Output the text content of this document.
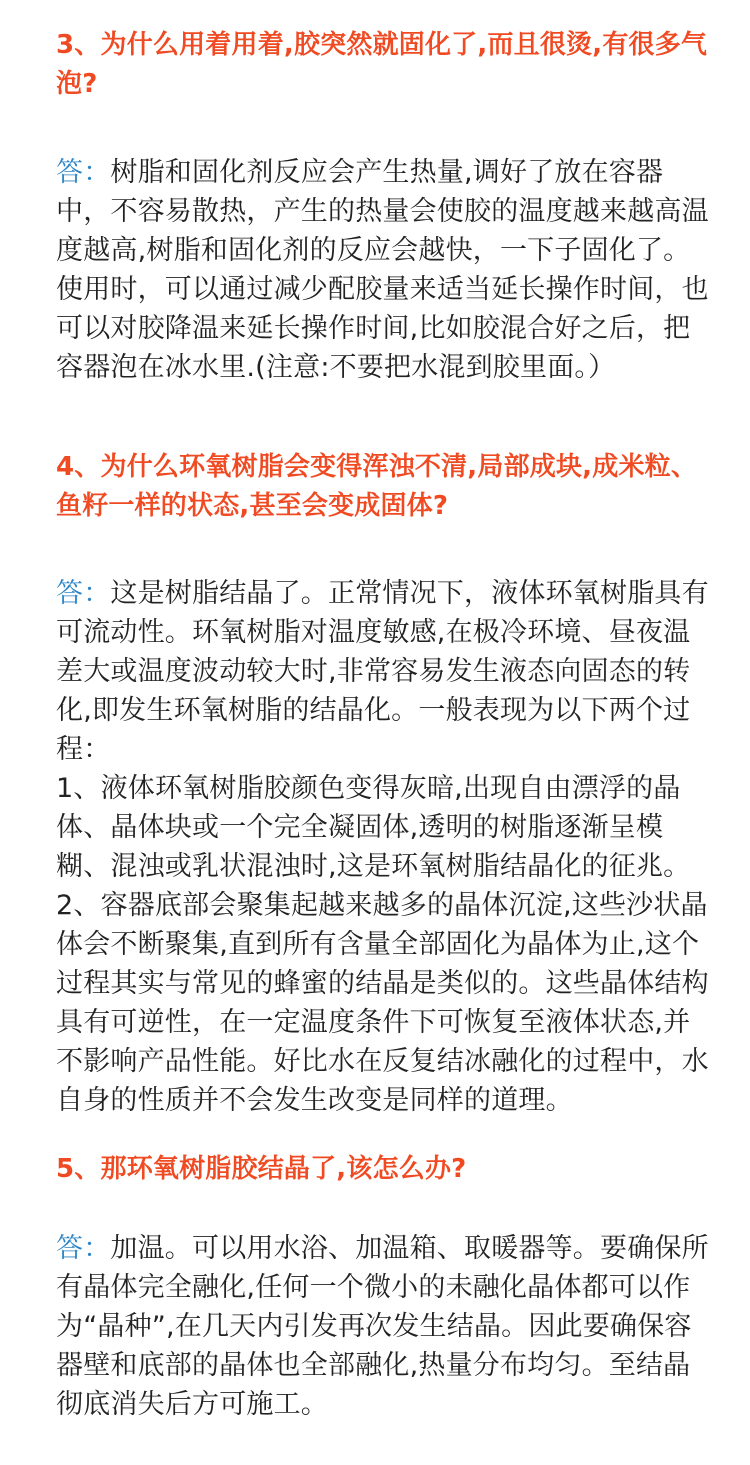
3、为什么用着用着,胶突然就固化了,而且很烫,有很多气泡?

答：树脂和固化剂反应会产生热量,调好了放在容器中，不容易散热，产生的热量会使胶的温度越来越高温度越高,树脂和固化剂的反应会越快，一下子固化了。使用时，可以通过减少配胶量来适当延长操作时间，也可以对胶降温来延长操作时间,比如胶混合好之后，把容器泡在冰水里.(注意:不要把水混到胶里面。）

4、为什么环氧树脂会变得浑浊不清,局部成块,成米粒、鱼籽一样的状态,甚至会变成固体?

答：这是树脂结晶了。正常情况下，液体环氧树脂具有可流动性。环氧树脂对温度敏感,在极冷环境、昼夜温差大或温度波动较大时,非常容易发生液态向固态的转化,即发生环氧树脂的结晶化。一般表现为以下两个过程：
1、液体环氧树脂胶颜色变得灰暗,出现自由漂浮的晶体、晶体块或一个完全凝固体,透明的树脂逐渐呈模糊、混浊或乳状混浊时,这是环氧树脂结晶化的征兆。
2、容器底部会聚集起越来越多的晶体沉淀,这些沙状晶体会不断聚集,直到所有含量全部固化为晶体为止,这个过程其实与常见的蜂蜜的结晶是类似的。这些晶体结构具有可逆性，在一定温度条件下可恢复至液体状态,并不影响产品性能。好比水在反复结冰融化的过程中，水自身的性质并不会发生改变是同样的道理。

5、那环氧树脂胶结晶了,该怎么办?

答：加温。可以用水浴、加温箱、取暖器等。要确保所有晶体完全融化,任何一个微小的未融化晶体都可以作为“晶种”,在几天内引发再次发生结晶。因此要确保容器壁和底部的晶体也全部融化,热量分布均匀。至结晶彻底消失后方可施工。
